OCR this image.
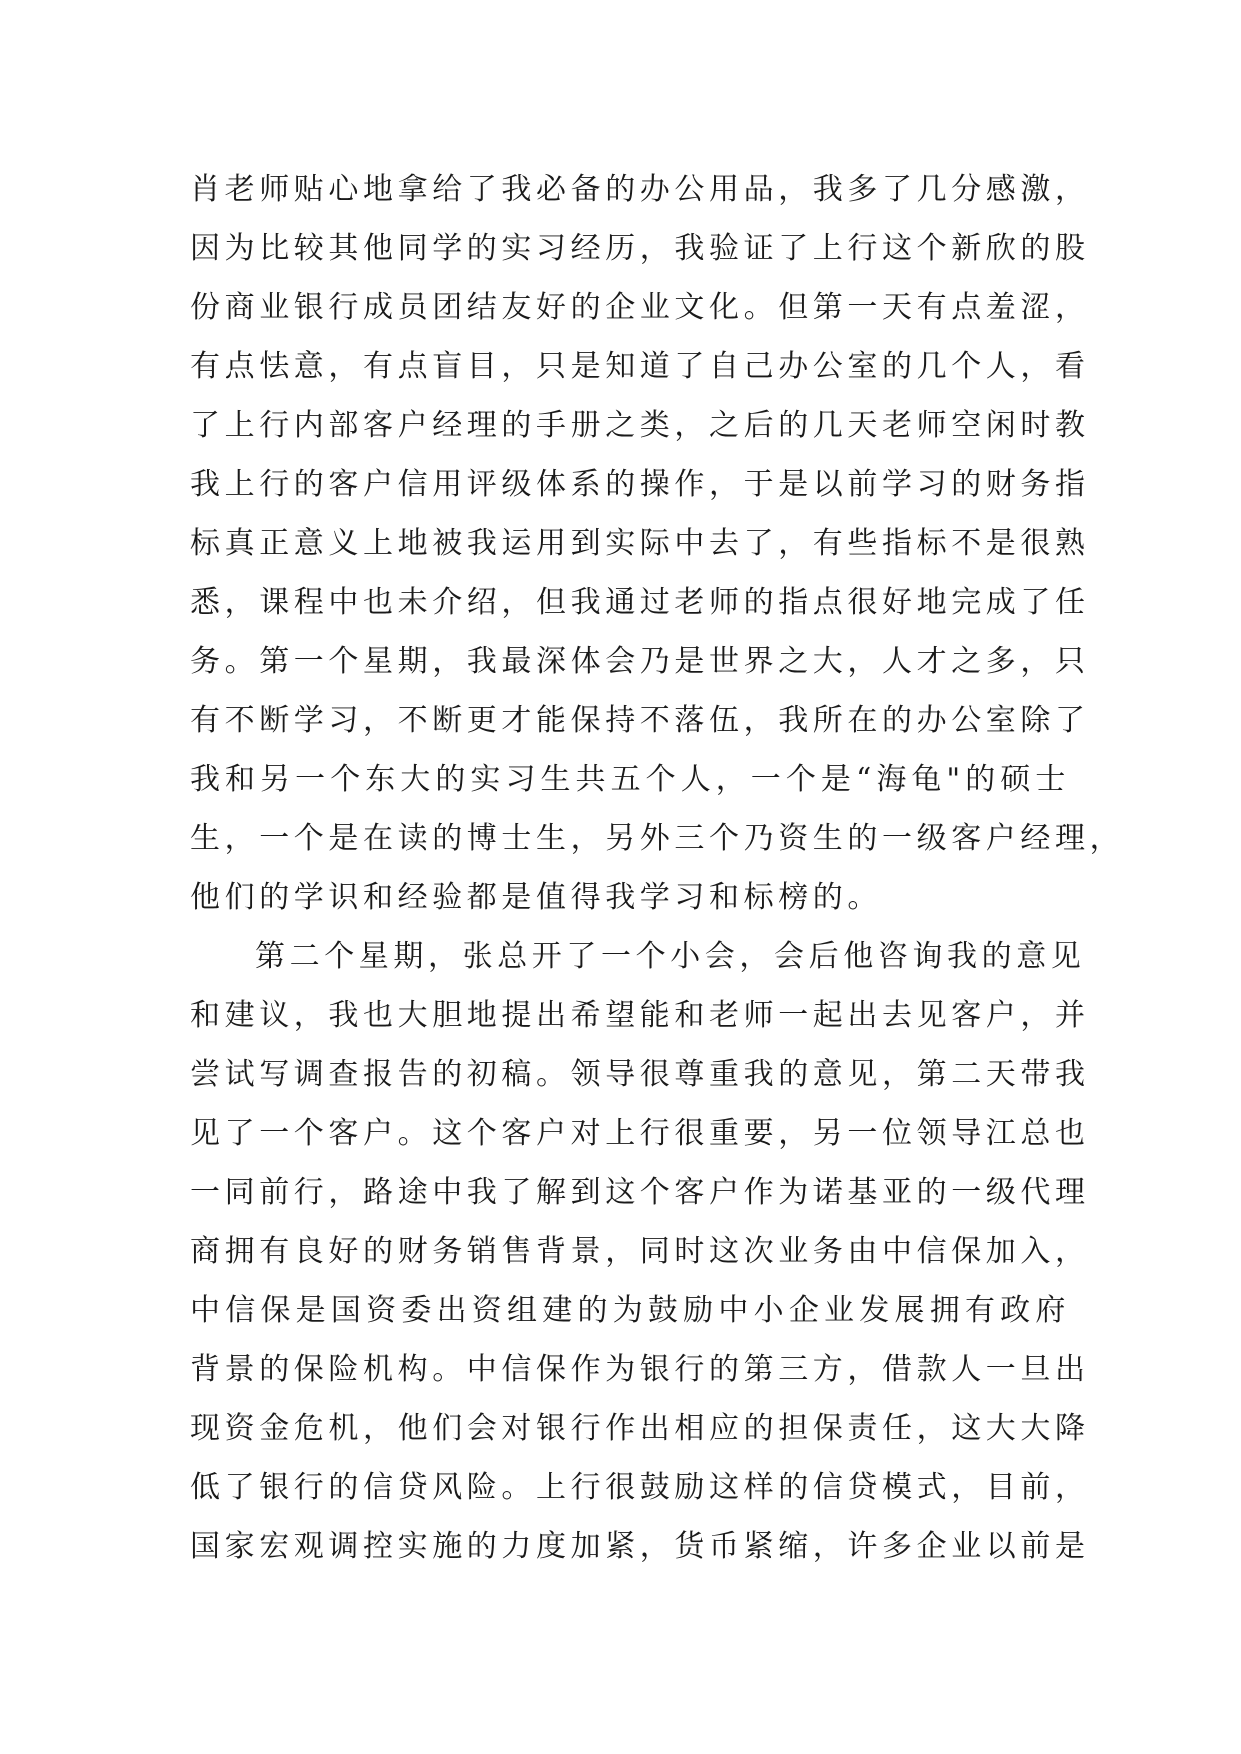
肖老师贴心地拿给了我必备的办公用品，我多了几分感激，
因为比较其他同学的实习经历，我验证了上行这个新欣的股
份商业银行成员团结友好的企业文化。但第一天有点羞涩，
有点怯意，有点盲目，只是知道了自己办公室的几个人，看
了上行内部客户经理的手册之类，之后的几天老师空闲时教
我上行的客户信用评级体系的操作，于是以前学习的财务指
标真正意义上地被我运用到实际中去了，有些指标不是很熟
悉，课程中也未介绍，但我通过老师的指点很好地完成了任
务。第一个星期，我最深体会乃是世界之大，人才之多，只
有不断学习，不断更才能保持不落伍，我所在的办公室除了
我和另一个东大的实习生共五个人，一个是“海龟"的硕士
生，一个是在读的博士生，另外三个乃资生的一级客户经理，
他们的学识和经验都是值得我学习和标榜的。
第二个星期，张总开了一个小会，会后他咨询我的意见
和建议，我也大胆地提出希望能和老师一起出去见客户，并
尝试写调查报告的初稿。领导很尊重我的意见，第二天带我
见了一个客户。这个客户对上行很重要，另一位领导江总也
一同前行，路途中我了解到这个客户作为诺基亚的一级代理
商拥有良好的财务销售背景，同时这次业务由中信保加入，
中信保是国资委出资组建的为鼓励中小企业发展拥有政府
背景的保险机构。中信保作为银行的第三方，借款人一旦出
现资金危机，他们会对银行作出相应的担保责任，这大大降
低了银行的信贷风险。上行很鼓励这样的信贷模式，目前，
国家宏观调控实施的力度加紧，货币紧缩，许多企业以前是
